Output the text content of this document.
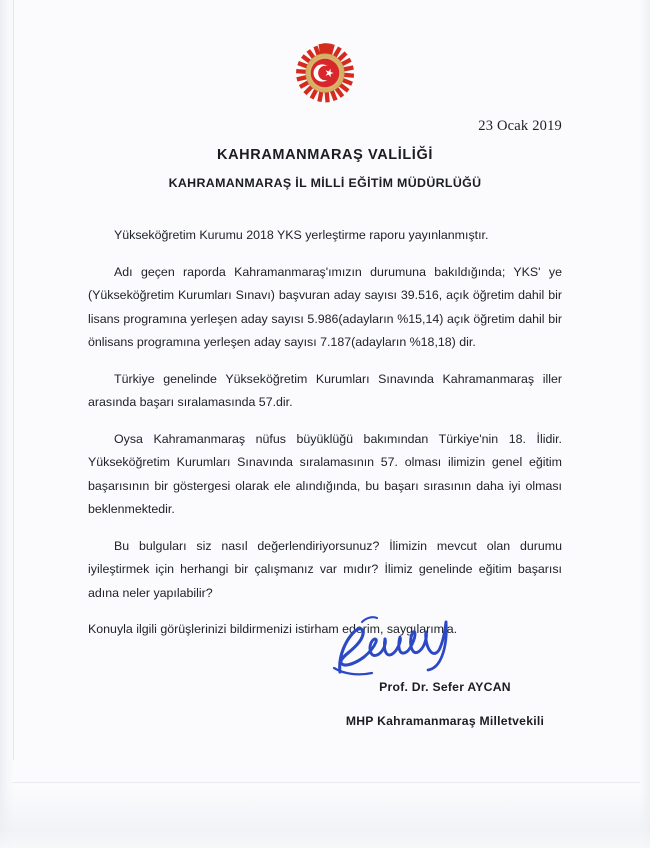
23 Ocak 2019
KAHRAMANMARAŞ VALİLİĞİ
KAHRAMANMARAŞ İL MİLLİ EĞİTİM MÜDÜRLÜĞÜ

Yükseköğretim Kurumu 2018 YKS yerleştirme raporu yayınlanmıştır.

Adı geçen raporda Kahramanmaraş'ımızın durumuna bakıldığında; YKS' ye (Yükseköğretim Kurumları Sınavı) başvuran aday sayısı 39.516, açık öğretim dahil bir lisans programına yerleşen aday sayısı 5.986(adayların %15,14) açık öğretim dahil bir önlisans programına yerleşen aday sayısı 7.187(adayların %18,18) dir.

Türkiye genelinde Yükseköğretim Kurumları Sınavında Kahramanmaraş iller arasında başarı sıralamasında 57.dir.

Oysa Kahramanmaraş nüfus büyüklüğü bakımından Türkiye'nin 18. İlidir. Yükseköğretim Kurumları Sınavında sıralamasının 57. olması ilimizin genel eğitim başarısının bir göstergesi olarak ele alındığında, bu başarı sırasının daha iyi olması beklenmektedir.

Bu bulguları siz nasıl değerlendiriyorsunuz? İlimizin mevcut olan durumu iyileştirmek için herhangi bir çalışmanız var mıdır? İlimiz genelinde eğitim başarısı adına neler yapılabilir?

Konuyla ilgili görüşlerinizi bildirmenizi istirham ederim, saygılarımla.

Prof. Dr. Sefer AYCAN
MHP Kahramanmaraş Milletvekili
